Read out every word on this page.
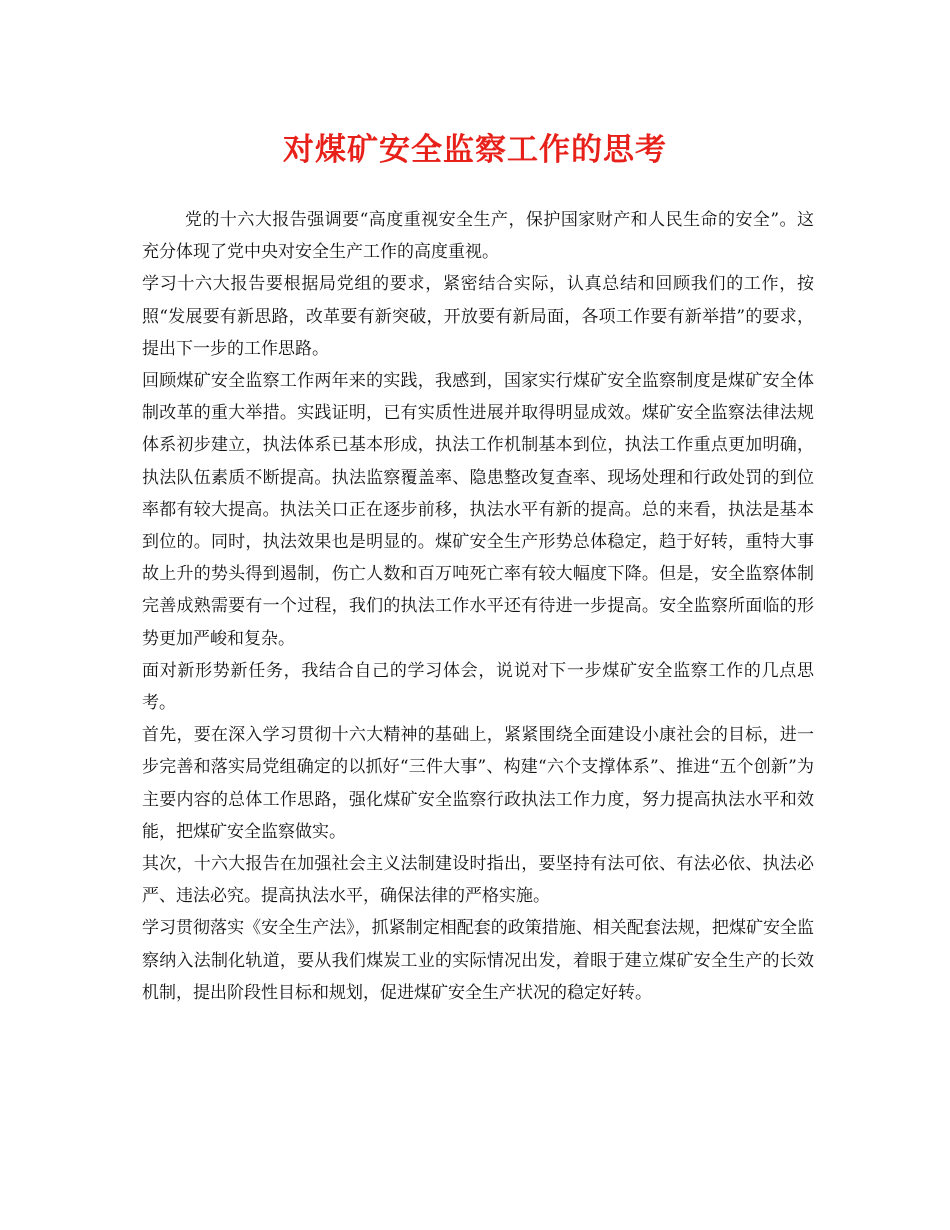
对煤矿安全监察工作的思考

党的十六大报告强调要“高度重视安全生产，保护国家财产和人民生命的安全”。这充分体现了党中央对安全生产工作的高度重视。

学习十六大报告要根据局党组的要求，紧密结合实际，认真总结和回顾我们的工作，按照“发展要有新思路，改革要有新突破，开放要有新局面，各项工作要有新举措”的要求，提出下一步的工作思路。

回顾煤矿安全监察工作两年来的实践，我感到，国家实行煤矿安全监察制度是煤矿安全体制改革的重大举措。实践证明，已有实质性进展并取得明显成效。煤矿安全监察法律法规体系初步建立，执法体系已基本形成，执法工作机制基本到位，执法工作重点更加明确，执法队伍素质不断提高。执法监察覆盖率、隐患整改复查率、现场处理和行政处罚的到位率都有较大提高。执法关口正在逐步前移，执法水平有新的提高。总的来看，执法是基本到位的。同时，执法效果也是明显的。煤矿安全生产形势总体稳定，趋于好转，重特大事故上升的势头得到遏制，伤亡人数和百万吨死亡率有较大幅度下降。但是，安全监察体制完善成熟需要有一个过程，我们的执法工作水平还有待进一步提高。安全监察所面临的形势更加严峻和复杂。

面对新形势新任务，我结合自己的学习体会，说说对下一步煤矿安全监察工作的几点思考。

首先，要在深入学习贯彻十六大精神的基础上，紧紧围绕全面建设小康社会的目标，进一步完善和落实局党组确定的以抓好“三件大事”、构建“六个支撑体系”、推进“五个创新”为主要内容的总体工作思路，强化煤矿安全监察行政执法工作力度，努力提高执法水平和效能，把煤矿安全监察做实。

其次，十六大报告在加强社会主义法制建设时指出，要坚持有法可依、有法必依、执法必严、违法必究。提高执法水平，确保法律的严格实施。

学习贯彻落实《安全生产法》，抓紧制定相配套的政策措施、相关配套法规，把煤矿安全监察纳入法制化轨道，要从我们煤炭工业的实际情况出发，着眼于建立煤矿安全生产的长效机制，提出阶段性目标和规划，促进煤矿安全生产状况的稳定好转。
